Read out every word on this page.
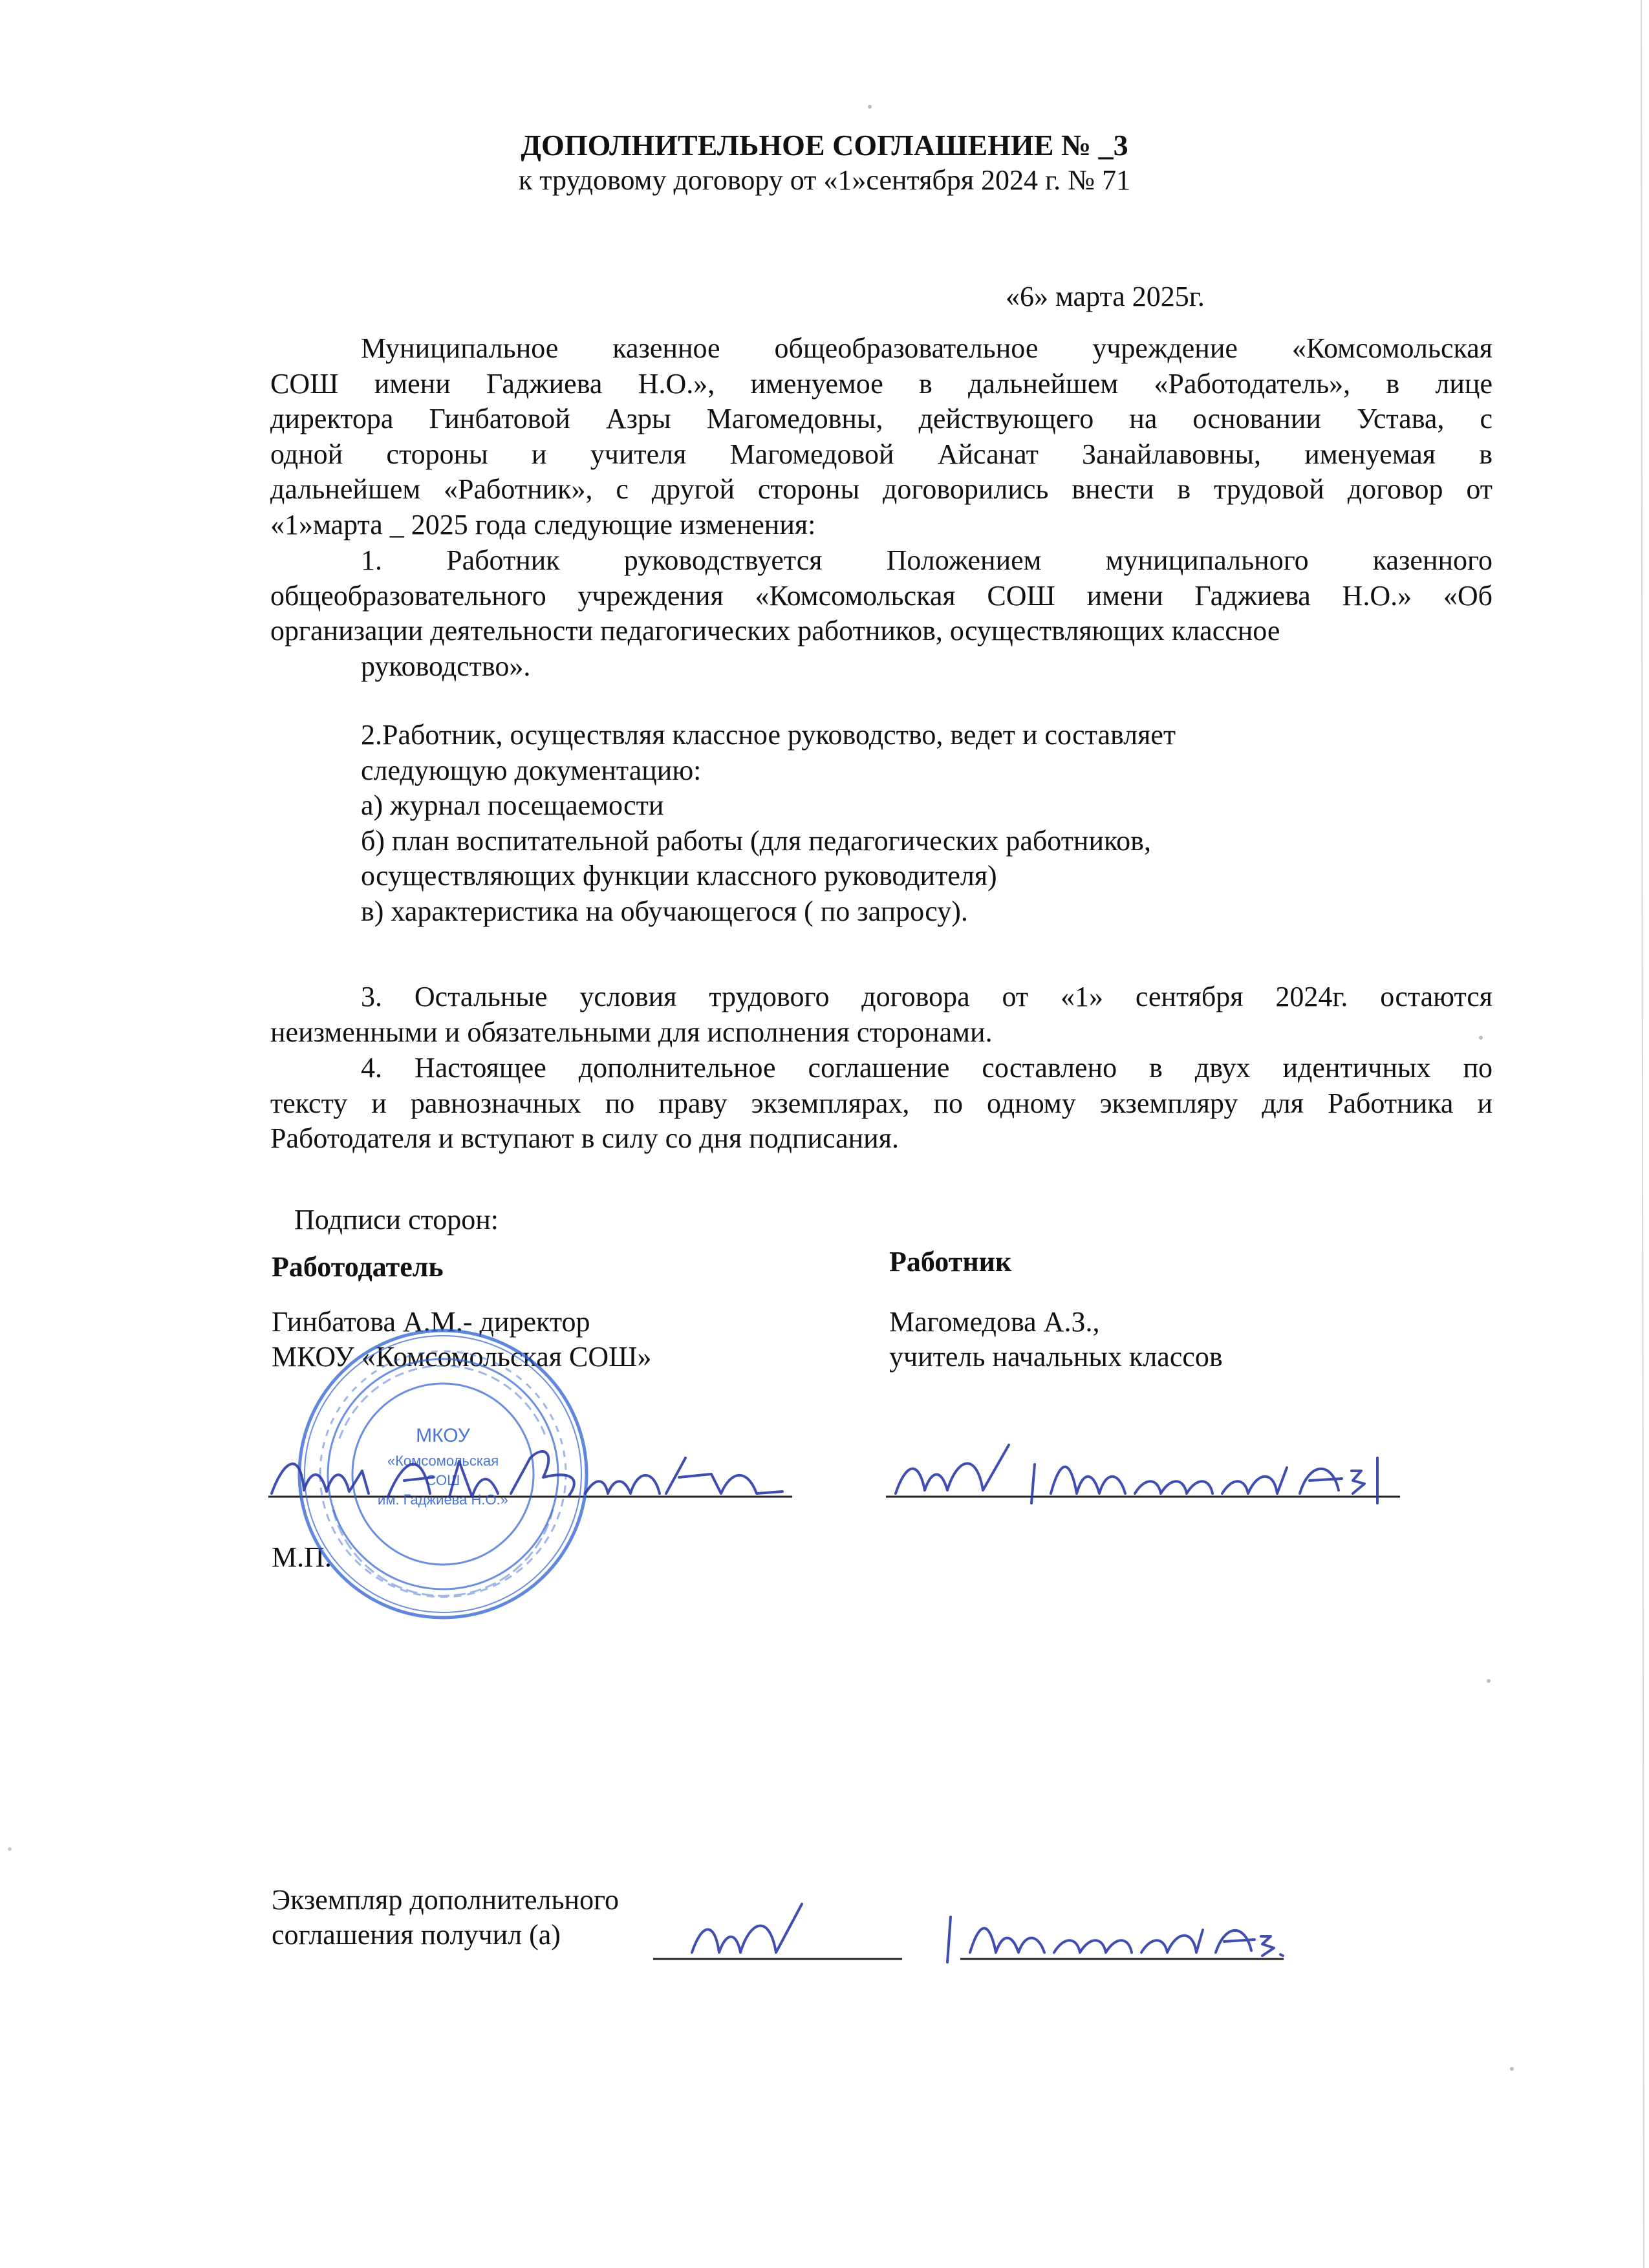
ДОПОЛНИТЕЛЬНОЕ СОГЛАШЕНИЕ № _3
к трудовому договору от «1»сентября 2024 г. № 71
«6» марта 2025г.
Муниципальное казенное общеобразовательное учреждение «Комсомольская
СОШ имени Гаджиева Н.О.», именуемое в дальнейшем «Работодатель», в лице
директора Гинбатовой Азры Магомедовны, действующего на основании Устава, с
одной стороны и учителя Магомедовой Айсанат Занайлавовны, именуемая в
дальнейшем «Работник», с другой стороны договорились внести в трудовой договор от
«1»марта _ 2025 года следующие изменения:
1. Работник руководствуется Положением муниципального казенного
общеобразовательного учреждения «Комсомольская СОШ имени Гаджиева Н.О.» «Об
организации деятельности педагогических работников, осуществляющих классное
руководство».
2.Работник, осуществляя классное руководство, ведет и составляет
следующую документацию:
а) журнал посещаемости
б) план воспитательной работы (для педагогических работников,
осуществляющих функции классного руководителя)
в) характеристика на обучающегося ( по запросу).
3. Остальные условия трудового договора от «1» сентября 2024г. остаются
неизменными и обязательными для исполнения сторонами.
4. Настоящее дополнительное соглашение составлено в двух идентичных по
тексту и равнозначных по праву экземплярах, по одному экземпляру для Работника и
Работодателя и вступают в силу со дня подписания.
Подписи сторон:
Работодатель
Гинбатова А.М.- директор
МКОУ «Комсомольская СОШ»
М.П.
МКОУ
«Комсомольская
СОШ
им. Гаджиева Н.О.»
Работник
Магомедова А.З.,
учитель начальных классов
Экземпляр дополнительного
соглашения получил (а)
